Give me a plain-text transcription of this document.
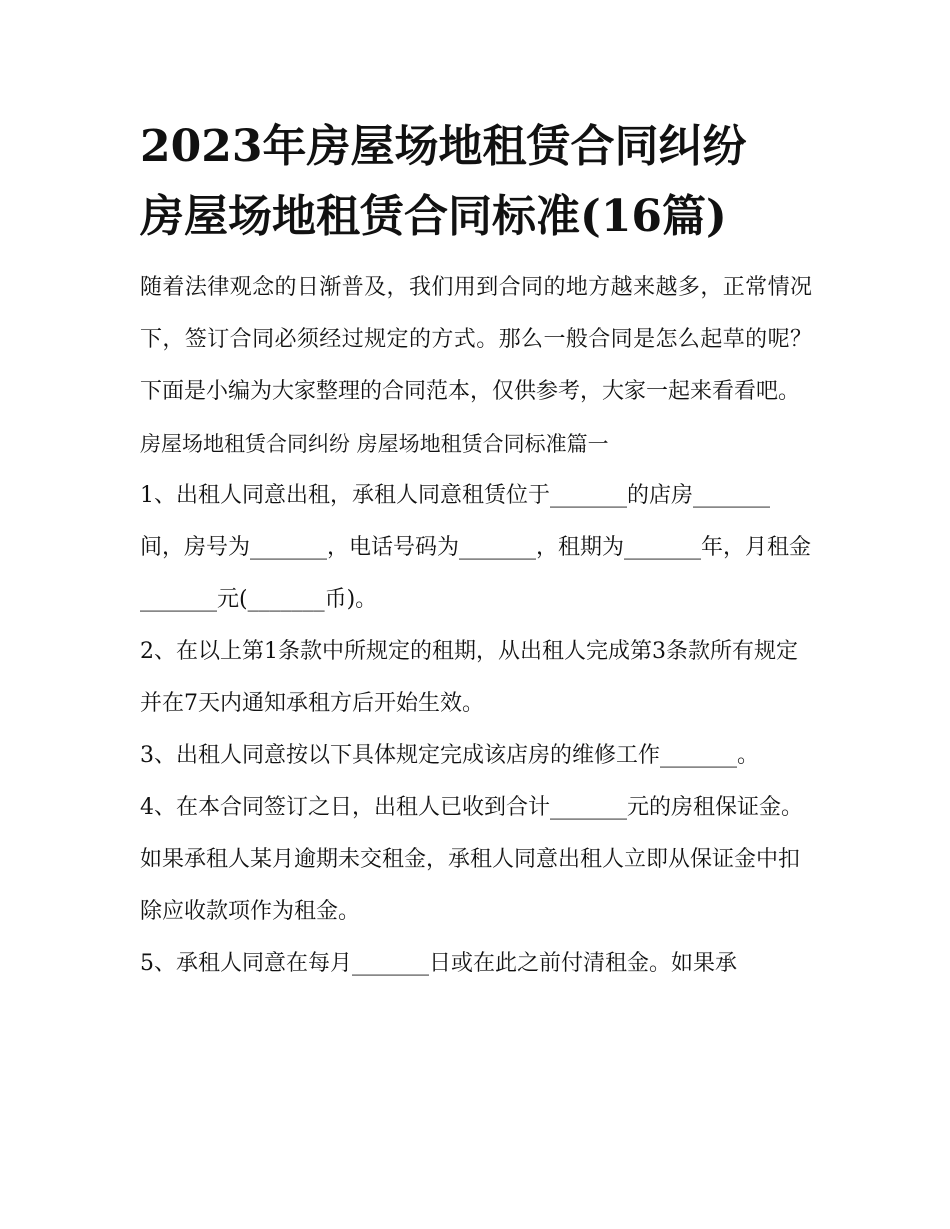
2023年房屋场地租赁合同纠纷
房屋场地租赁合同标准(16篇)

随着法律观念的日渐普及，我们用到合同的地方越来越多，正常情况下，签订合同必须经过规定的方式。那么一般合同是怎么起草的呢？下面是小编为大家整理的合同范本，仅供参考，大家一起来看看吧。

房屋场地租赁合同纠纷 房屋场地租赁合同标准篇一

1、出租人同意出租，承租人同意租赁位于_______的店房_______间，房号为_______，电话号码为_______，租期为_______年，月租金_______元(_______币)。

2、在以上第1条款中所规定的租期，从出租人完成第3条款所有规定并在7天内通知承租方后开始生效。

3、出租人同意按以下具体规定完成该店房的维修工作_______。

4、在本合同签订之日，出租人已收到合计_______元的房租保证金。如果承租人某月逾期未交租金，承租人同意出租人立即从保证金中扣除应收款项作为租金。

5、承租人同意在每月_______日或在此之前付清租金。如果承
